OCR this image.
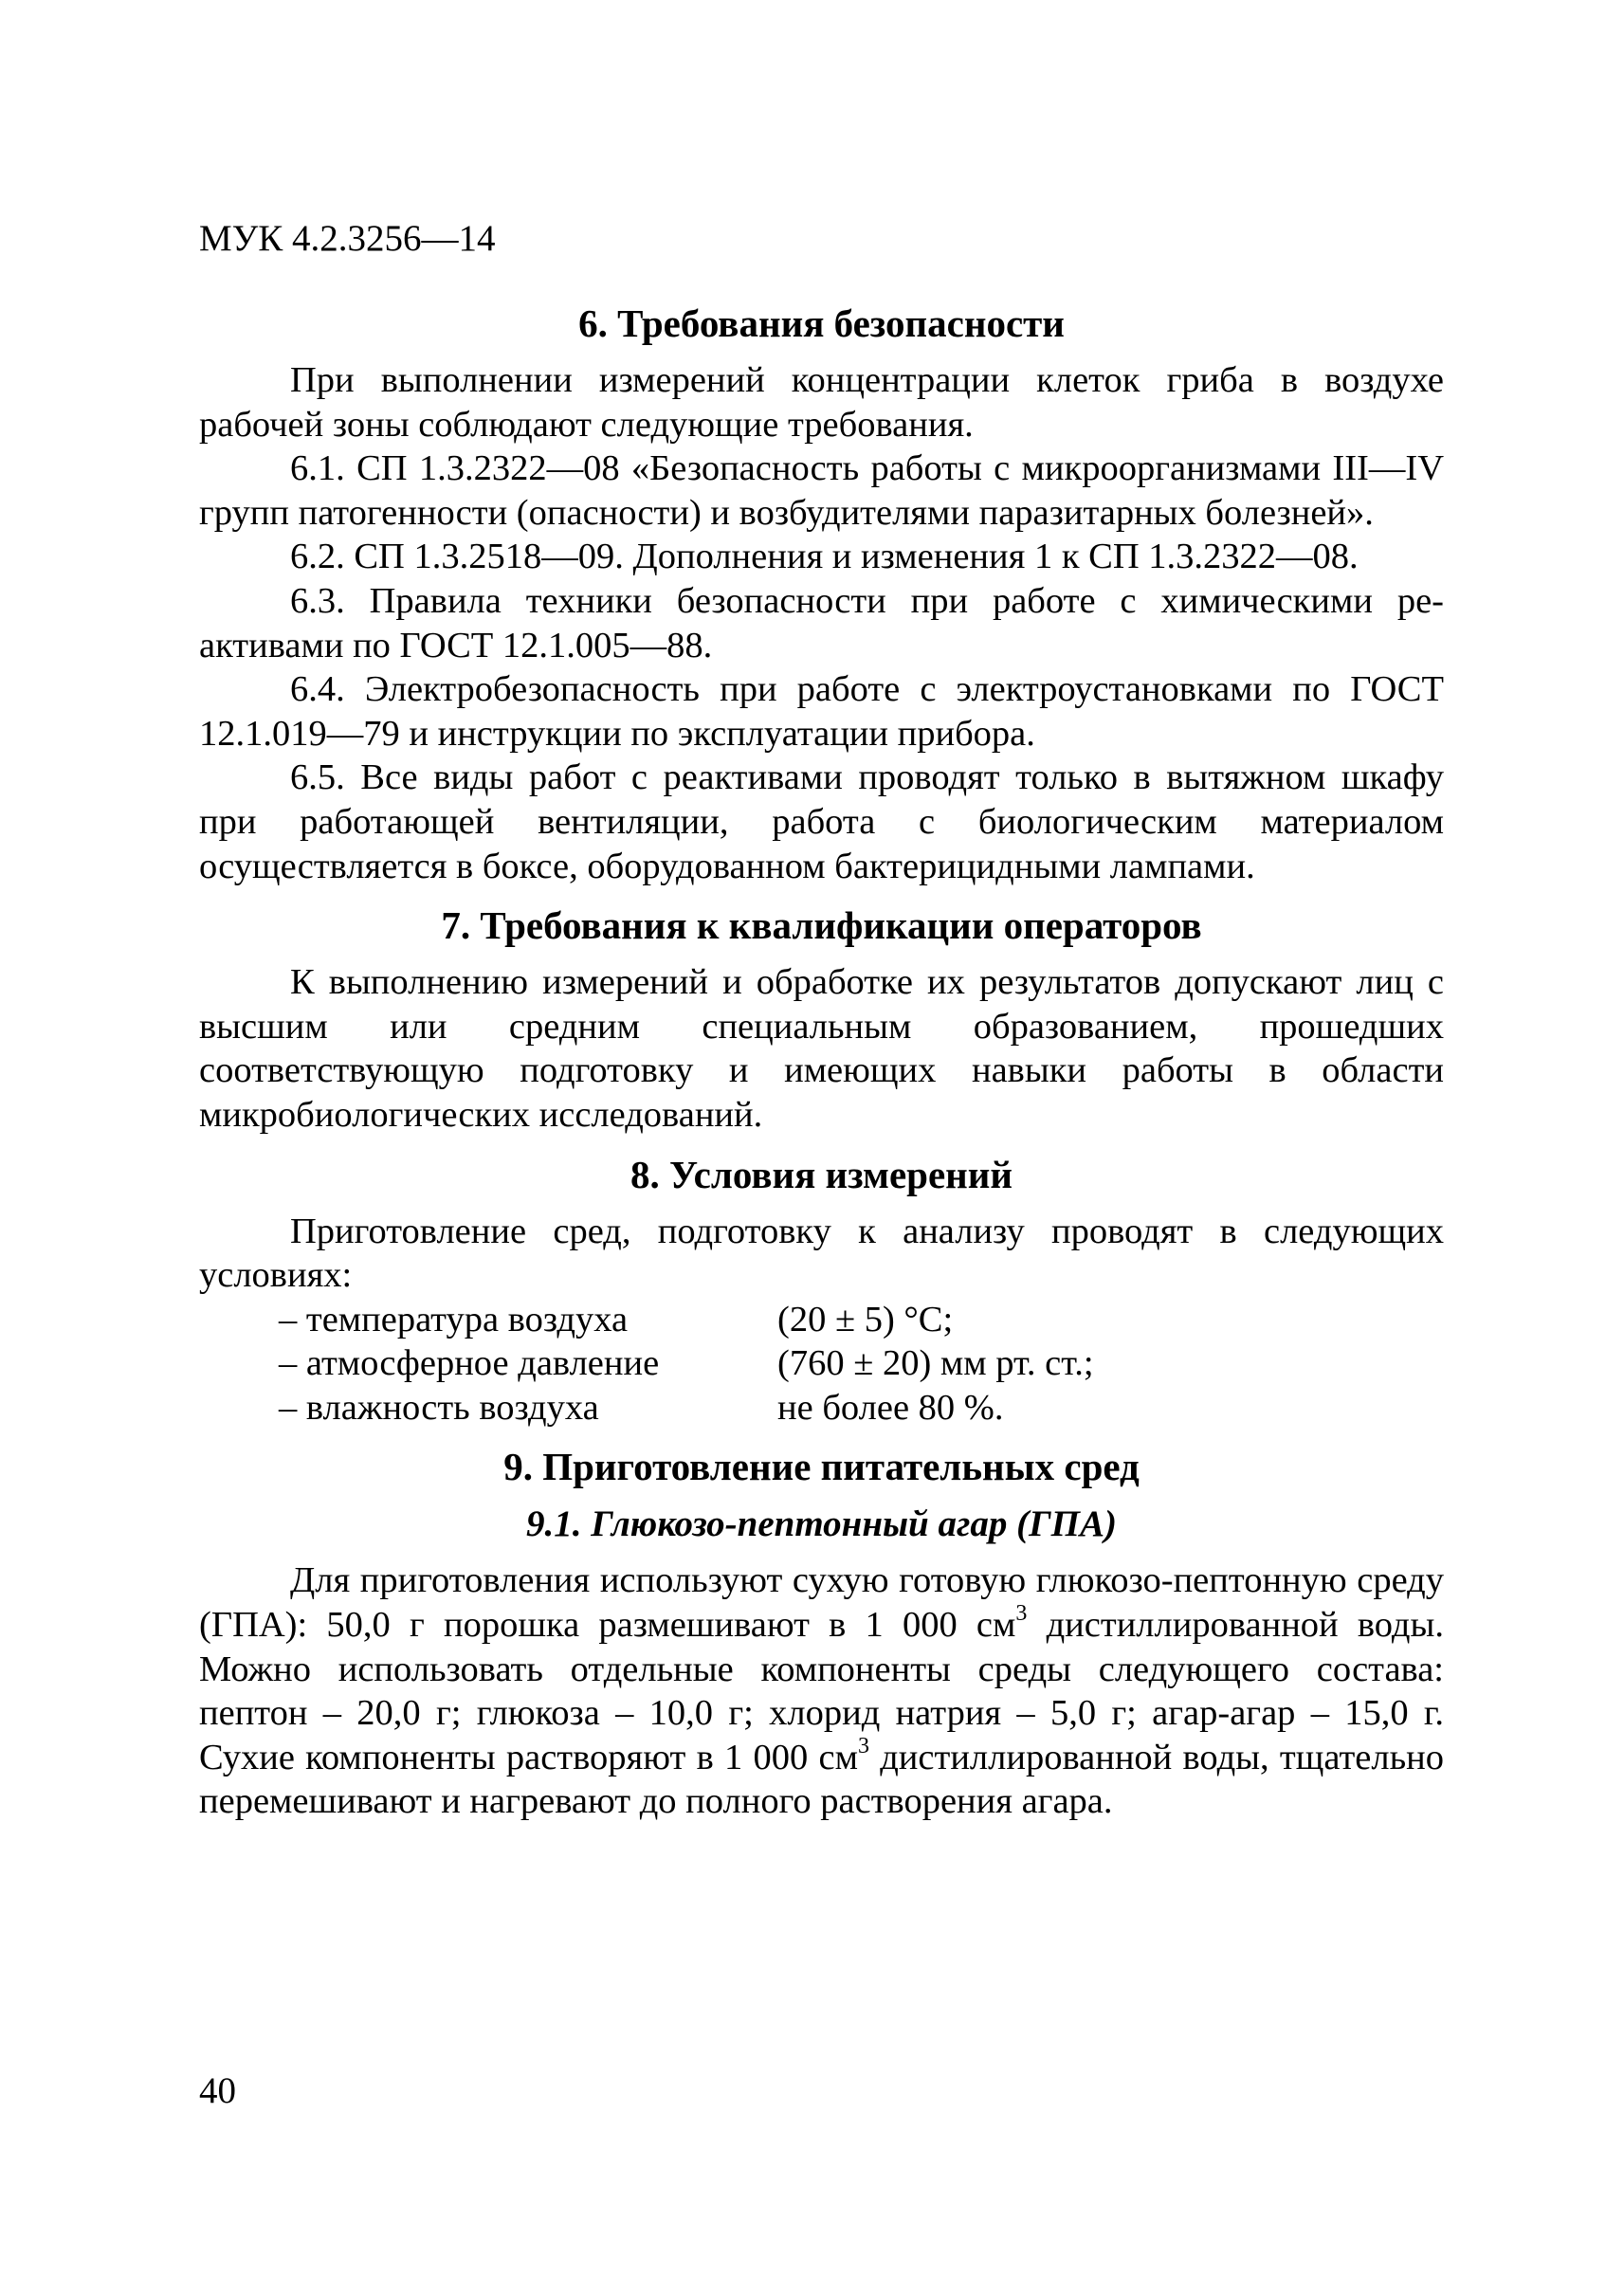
МУК 4.2.3256—14
6. Требования безопасности

При выполнении измерений концентрации клеток гриба в воздухе рабочей зоны соблюдают следующие требования.

6.1. СП 1.3.2322—08 «Безопасность работы с микроорганизмами III—IV групп патогенности (опасности) и возбудителями паразитарных болезней».

6.2. СП 1.3.2518—09. Дополнения и изменения 1 к СП 1.3.2322—08.

6.3. Правила техники безопасности при работе с химическими реактивами по ГОСТ 12.1.005—88.

6.4. Электробезопасность при работе с электроустановками по ГОСТ 12.1.019—79 и инструкции по эксплуатации прибора.

6.5. Все виды работ с реактивами проводят только в вытяжном шкафу при работающей вентиляции, работа с биологическим материалом осуществляется в боксе, оборудованном бактерицидными лампами.

7. Требования к квалификации операторов

К выполнению измерений и обработке их результатов допускают лиц с высшим или средним специальным образованием, прошедших соответствующую подготовку и имеющих навыки работы в области микробиологических исследований.

8. Условия измерений

Приготовление сред, подготовку к анализу проводят в следующих условиях:

– температура воздуха	(20 ± 5) °С;
– атмосферное давление	(760 ± 20) мм рт. ст.;
– влажность воздуха	не более 80 %.
9. Приготовление питательных сред
9.1. Глюкозо-пептонный агар (ГПА)

Для приготовления используют сухую готовую глюкозо-пептонную среду (ГПА): 50,0 г порошка размешивают в 1 000 $см^3$ дистиллированной воды. Можно использовать отдельные компоненты среды следующего состава: пептон – 20,0 г; глюкоза – 10,0 г; хлорид натрия – 5,0 г; агар-агар – 15,0 г. Сухие компоненты растворяют в 1 000 $см^3$ дистиллированной воды, тщательно перемешивают и нагревают до полного растворения агара.

40
